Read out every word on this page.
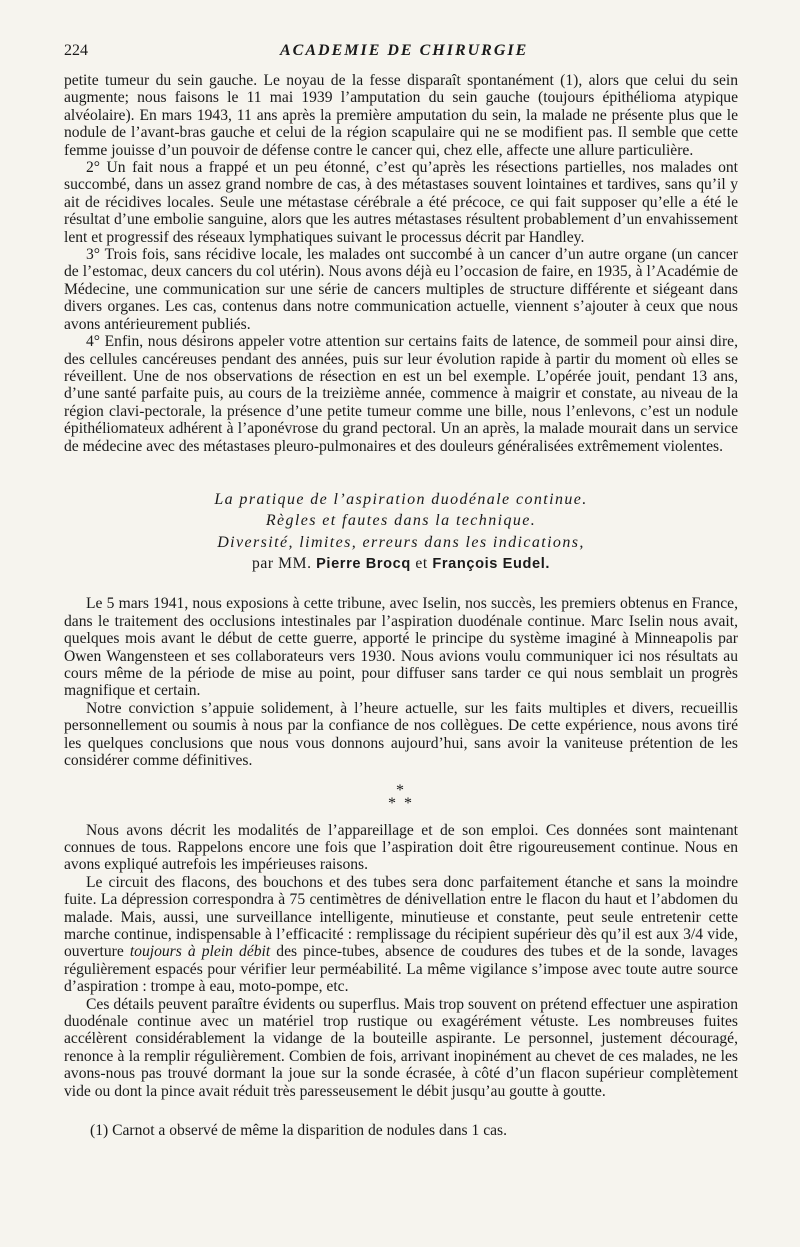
224	ACADEMIE DE CHIRURGIE

petite tumeur du sein gauche. Le noyau de la fesse disparaît spontanément (1), alors que celui du sein augmente; nous faisons le 11 mai 1939 l’amputation du sein gauche (toujours épithélioma atypique alvéolaire). En mars 1943, 11 ans après la première amputation du sein, la malade ne présente plus que le nodule de l’avant-bras gauche et celui de la région scapulaire qui ne se modifient pas. Il semble que cette femme jouisse d’un pouvoir de défense contre le cancer qui, chez elle, affecte une allure particulière.

2° Un fait nous a frappé et un peu étonné, c’est qu’après les résections partielles, nos malades ont succombé, dans un assez grand nombre de cas, à des métastases souvent lointaines et tardives, sans qu’il y ait de récidives locales. Seule une métastase cérébrale a été précoce, ce qui fait supposer qu’elle a été le résultat d’une embolie sanguine, alors que les autres métastases résultent probablement d’un envahissement lent et progressif des réseaux lymphatiques suivant le processus décrit par Handley.

3° Trois fois, sans récidive locale, les malades ont succombé à un cancer d’un autre organe (un cancer de l’estomac, deux cancers du col utérin). Nous avons déjà eu l’occasion de faire, en 1935, à l’Académie de Médecine, une communication sur une série de cancers multiples de structure différente et siégeant dans divers organes. Les cas, contenus dans notre communication actuelle, viennent s’ajouter à ceux que nous avons antérieurement publiés.

4° Enfin, nous désirons appeler votre attention sur certains faits de latence, de sommeil pour ainsi dire, des cellules cancéreuses pendant des années, puis sur leur évolution rapide à partir du moment où elles se réveillent. Une de nos observations de résection en est un bel exemple. L’opérée jouit, pendant 13 ans, d’une santé parfaite puis, au cours de la treizième année, commence à maigrir et constate, au niveau de la région clavi-pectorale, la présence d’une petite tumeur comme une bille, nous l’enlevons, c’est un nodule épithéliomateux adhérent à l’aponévrose du grand pectoral. Un an après, la malade mourait dans un service de médecine avec des métastases pleuro-pulmonaires et des douleurs généralisées extrêmement violentes.

La pratique de l’aspiration duodénale continue.
Règles et fautes dans la technique.
Diversité, limites, erreurs dans les indications,
par MM. Pierre Brocq et François Eudel.

Le 5 mars 1941, nous exposions à cette tribune, avec Iselin, nos succès, les premiers obtenus en France, dans le traitement des occlusions intestinales par l’aspiration duodénale continue. Marc Iselin nous avait, quelques mois avant le début de cette guerre, apporté le principe du système imaginé à Minneapolis par Owen Wangensteen et ses collaborateurs vers 1930. Nous avions voulu communiquer ici nos résultats au cours même de la période de mise au point, pour diffuser sans tarder ce qui nous semblait un progrès magnifique et certain.

Notre conviction s’appuie solidement, à l’heure actuelle, sur les faits multiples et divers, recueillis personnellement ou soumis à nous par la confiance de nos collègues. De cette expérience, nous avons tiré les quelques conclusions que nous vous donnons aujourd’hui, sans avoir la vaniteuse prétention de les considérer comme définitives.

*
* *

Nous avons décrit les modalités de l’appareillage et de son emploi. Ces données sont maintenant connues de tous. Rappelons encore une fois que l’aspiration doit être rigoureusement continue. Nous en avons expliqué autrefois les impérieuses raisons.

Le circuit des flacons, des bouchons et des tubes sera donc parfaitement étanche et sans la moindre fuite. La dépression correspondra à 75 centimètres de dénivellation entre le flacon du haut et l’abdomen du malade. Mais, aussi, une surveillance intelligente, minutieuse et constante, peut seule entretenir cette marche continue, indispensable à l’efficacité : remplissage du récipient supérieur dès qu’il est aux 3/4 vide, ouverture toujours à plein débit des pince-tubes, absence de coudures des tubes et de la sonde, lavages régulièrement espacés pour vérifier leur perméabilité. La même vigilance s’impose avec toute autre source d’aspiration : trompe à eau, moto-pompe, etc.

Ces détails peuvent paraître évidents ou superflus. Mais trop souvent on prétend effectuer une aspiration duodénale continue avec un matériel trop rustique ou exagérément vétuste. Les nombreuses fuites accélèrent considérablement la vidange de la bouteille aspirante. Le personnel, justement découragé, renonce à la remplir régulièrement. Combien de fois, arrivant inopinément au chevet de ces malades, ne les avons-nous pas trouvé dormant la joue sur la sonde écrasée, à côté d’un flacon supérieur complètement vide ou dont la pince avait réduit très paresseusement le débit jusqu’au goutte à goutte.

(1) Carnot a observé de même la disparition de nodules dans 1 cas.
